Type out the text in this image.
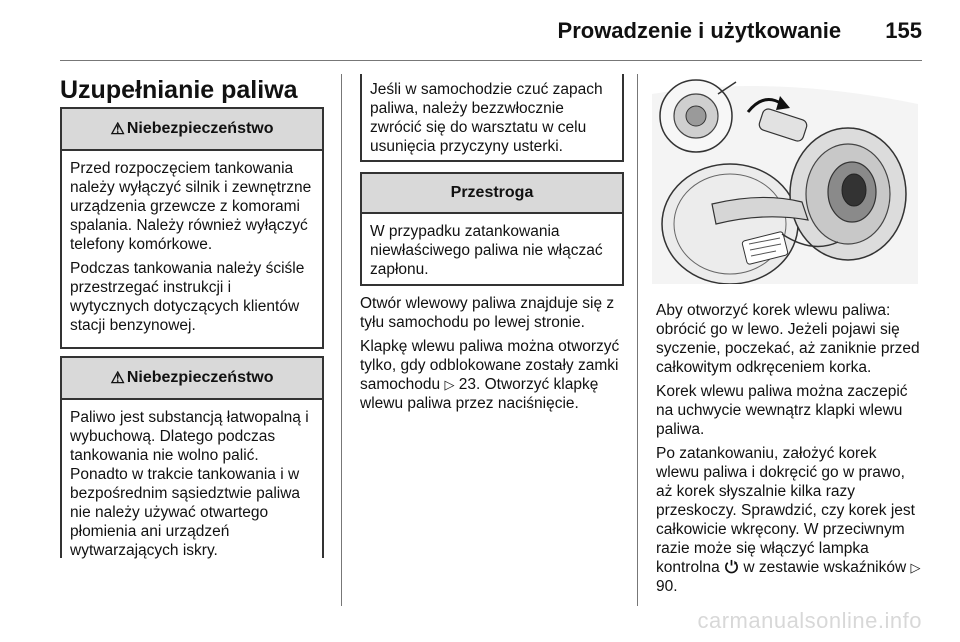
Prowadzenie i użytkowanie 155
Uzupełnianie paliwa
⚠ Niebezpieczeństwo

Przed rozpoczęciem tankowania należy wyłączyć silnik i zewnętrzne urządzenia grzewcze z komorami spalania. Należy również wyłączyć telefony komórkowe.

Podczas tankowania należy ściśle przestrzegać instrukcji i wytycznych dotyczących klientów stacji benzynowej.

⚠ Niebezpieczeństwo

Paliwo jest substancją łatwopalną i wybuchową. Dlatego podczas tankowania nie wolno palić. Ponadto w trakcie tankowania i w bezpośrednim sąsiedztwie paliwa nie należy używać otwartego płomienia ani urządzeń wytwarzających iskry.

Jeśli w samochodzie czuć zapach paliwa, należy bezzwłocznie zwrócić się do warsztatu w celu usunięcia przyczyny usterki.

Przestroga

W przypadku zatankowania niewłaściwego paliwa nie włączać zapłonu.

Otwór wlewowy paliwa znajduje się z tyłu samochodu po lewej stronie.

Klapkę wlewu paliwa można otworzyć tylko, gdy odblokowane zostały zamki samochodu ▷ 23. Otworzyć klapkę wlewu paliwa przez naciśnięcie.

Aby otworzyć korek wlewu paliwa: obrócić go w lewo. Jeżeli pojawi się syczenie, poczekać, aż zaniknie przed całkowitym odkręceniem korka.

Korek wlewu paliwa można zaczepić na uchwycie wewnątrz klapki wlewu paliwa.

Po zatankowaniu, założyć korek wlewu paliwa i dokręcić go w prawo, aż korek słyszalnie kilka razy przeskoczy. Sprawdzić, czy korek jest całkowicie wkręcony. W przeciwnym razie może się włączyć lampka kontrolna w zestawie wskaźników ▷ 90.

carmanualsonline.info
